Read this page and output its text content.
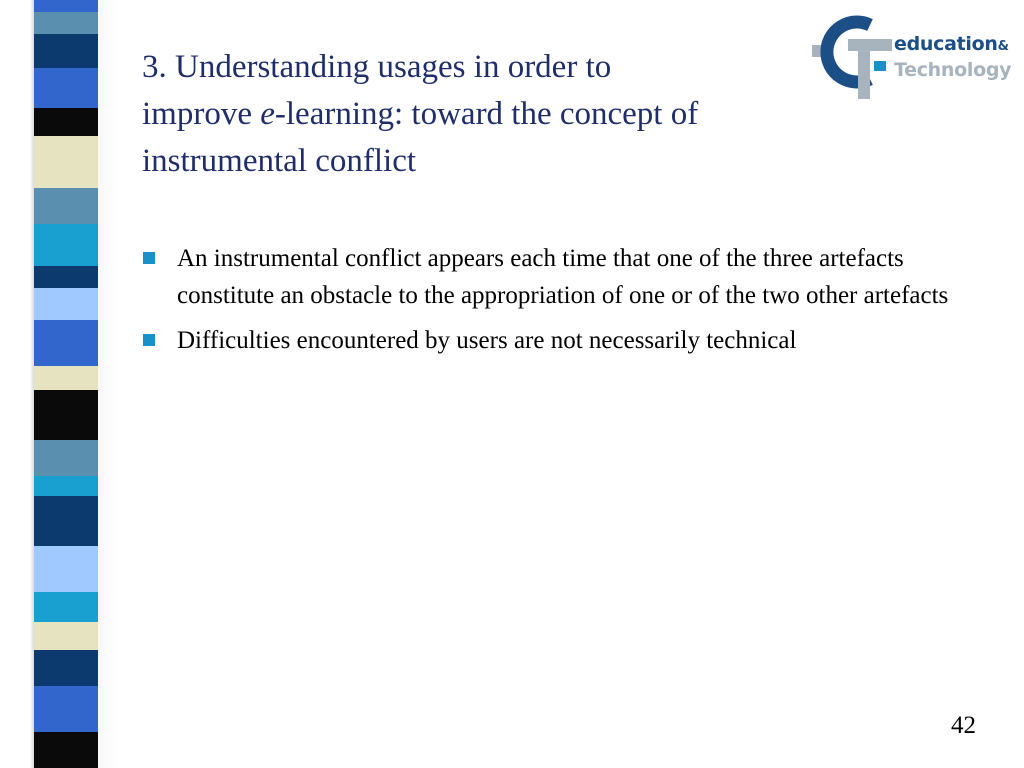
3. Understanding usages in order to
improve e-learning: toward the concept of
instrumental conflict
education&
Technology
An instrumental conflict appears each time that one of the three artefacts constitute an obstacle to the appropriation of one or of the two other artefacts
Difficulties encountered by users are not necessarily technical
42
